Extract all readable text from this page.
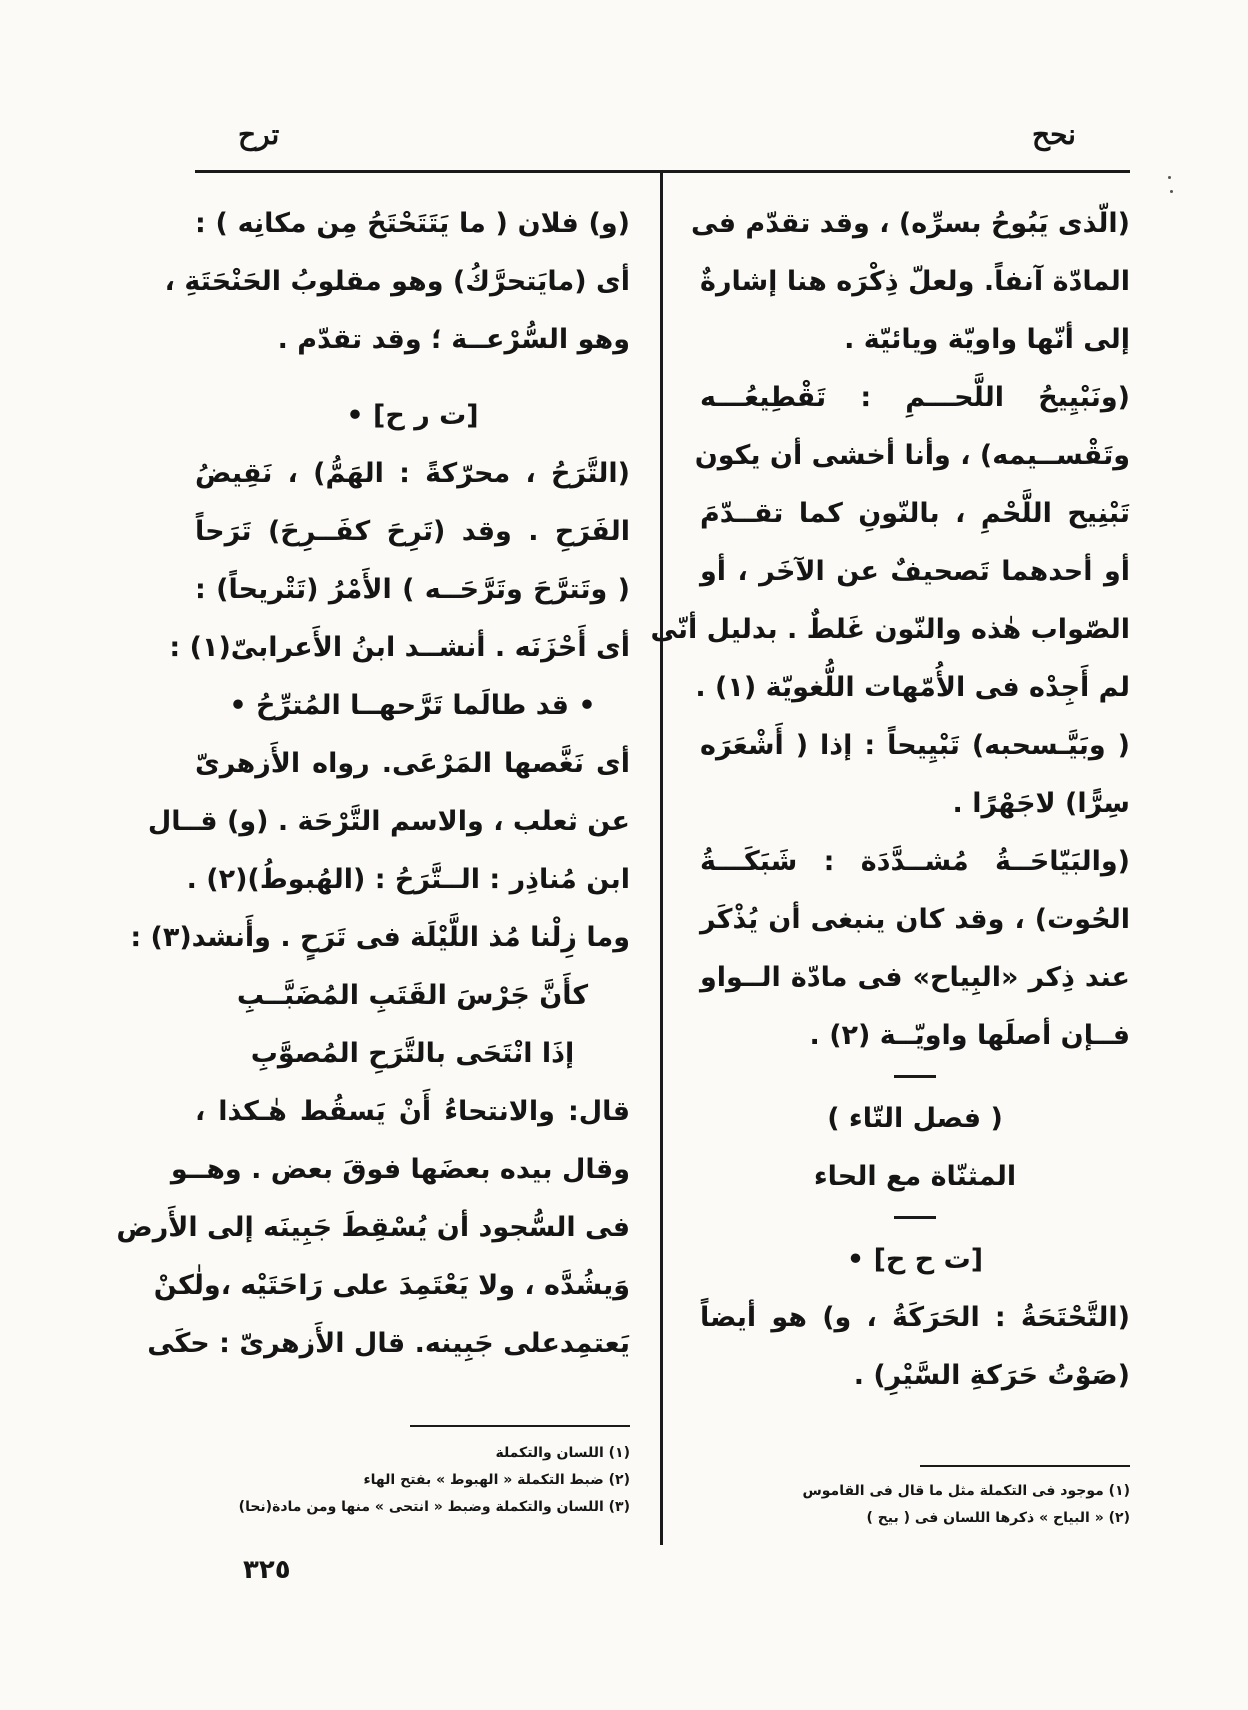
نحح
ترح
(الّذى يَبُوحُ بسرِّه) ، وقد تقدّم فى
المادّة آنفاً. ولعلّ ذِكْرَه هنا إشارةٌ
إلى أنّها واويّة ويائيّة .
(ونَبْيِيحُ اللَّحـــمِ : تَقْطِيعُـــه
وتَقْســيمه) ، وأنا أخشى أن يكون
تَبْنِيح اللَّحْمِ ، بالنّونِ كما تقــدّمَ
أو أحدهما تَصحيفٌ عن الآخَر ، أو
الصّواب هٰذه والنّون غَلطٌ . بدليل أنّى
لم أَجِدْه فى الأُمّهات اللُّغويّة (١) .
( وبَيَّـسحبه) تَبْيِيحاً : إذا ( أَشْعَرَه
سِرًّا) لاجَهْرًا .
(والبَيّاحَــةُ مُشــدَّدَة : شَبَكَـــةُ
الحُوت) ، وقد كان ينبغى أن يُذْكَر
عند ذِكر «البِياح» فى مادّة الــواو
فــإن أصلَها واويّــة (٢) .
( فصل التّاء )
المثنّاة مع الحاء
[ت ح ح] •
(التَّحْتَحَةُ : الحَرَكَةُ ، و) هو أيضاً
(صَوْتُ حَرَكةِ السَّيْرِ) .
(و) فلان ( ما يَتَتَحْتَحُ مِن مكانِه ) :
أى (مايَتحرَّكُ) وهو مقلوبُ الحَنْحَتَةِ ،
وهو السُّرْعــة ؛ وقد تقدّم .
[ت ر ح] •
(التَّرَحُ ، محرّكةً : الهَمُّ) ، نَقِيضُ
الفَرَحِ . وقد (تَرِحَ كفَــرِحَ) تَرَحاً
( وتَترَّحَ وتَرَّحَــه ) الأَمْرُ (تَتْريحاً) :
أى أَحْزَنَه . أنشــد ابنُ الأَعرابىّ(١) :
• قد طالَما تَرَّحهــا المُترِّحُ •
أى نَغَّصها المَرْعَى. رواه الأَزهرىّ
عن ثعلب ، والاسم التَّرْحَة . (و) قــال
ابن مُناذِر : الــتَّرَحُ : (الهُبوطُ)(٢) .
وما زِلْنا مُذ اللَّيْلَة فى تَرَحٍ . وأَنشد(٣) :
كأَنَّ جَرْسَ القَتَبِ المُضَبَّــبِ
إذَا انْتَحَى بالتَّرَحِ المُصوَّبِ
قال: والانتحاءُ أَنْ يَسقُط هٰـكذا ،
وقال بيده بعضَها فوقَ بعض . وهــو
فى السُّجود أن يُسْقِطَ جَبِينَه إلى الأَرض
وَيشُدَّه ، ولا يَعْتَمِدَ على رَاحَتَيْه ،ولٰكنْ
يَعتمِدعلى جَبِينه. قال الأَزهرىّ : حكَى
(١) موجود فى التكملة مثل ما قال فى القاموس
(٢) « البياح » ذكرها اللسان فى ( بيح )
(١) اللسان والتكملة
(٢) ضبط التكملة « الهبوط » بفتح الهاء
(٣) اللسان والتكملة وضبط « انتحى » منها ومن مادة(نحا)
٣٢٥
